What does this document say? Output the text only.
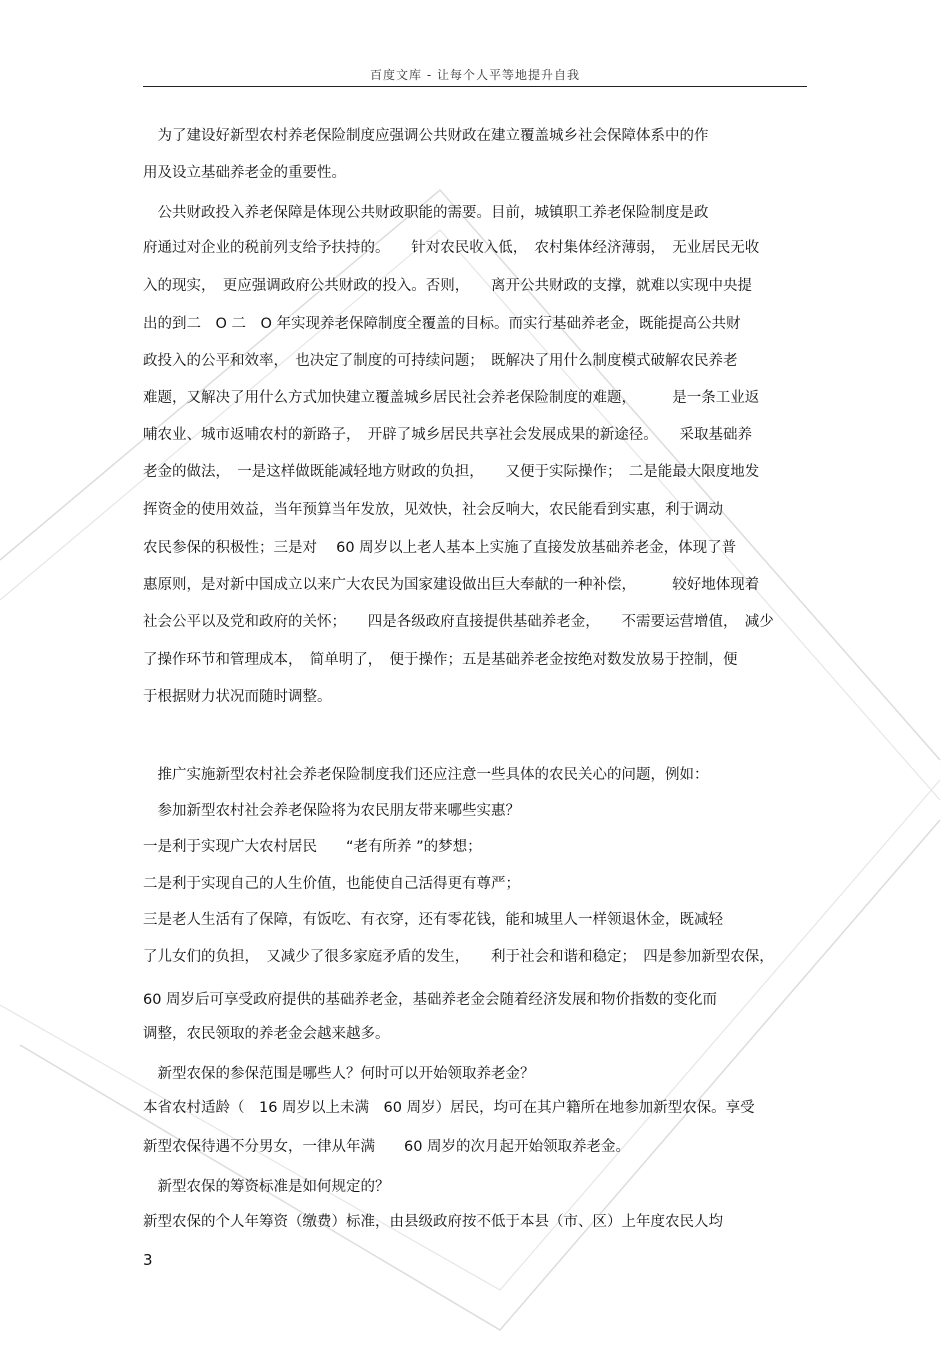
百度文库 - 让每个人平等地提升自我
　为了建设好新型农村养老保险制度应强调公共财政在建立覆盖城乡社会保障体系中的作
用及设立基础养老金的重要性。
　公共财政投入养老保障是体现公共财政职能的需要。目前，城镇职工养老保险制度是政
府通过对企业的税前列支给予扶持的。　　针对农民收入低，　农村集体经济薄弱，　无业居民无收
入的现实，　更应强调政府公共财政的投入。否则，　　离开公共财政的支撑，就难以实现中央提
出的到二　O 二　O 年实现养老保障制度全覆盖的目标。而实行基础养老金，既能提高公共财
政投入的公平和效率，　也决定了制度的可持续问题；　既解决了用什么制度模式破解农民养老
难题，又解决了用什么方式加快建立覆盖城乡居民社会养老保险制度的难题，　　　是一条工业返
哺农业、城市返哺农村的新路子，　开辟了城乡居民共享社会发展成果的新途径。　　采取基础养
老金的做法，　一是这样做既能减轻地方财政的负担，　　又便于实际操作；　二是能最大限度地发
挥资金的使用效益，当年预算当年发放，见效快，社会反响大，农民能看到实惠，利于调动
农民参保的积极性；三是对　 60 周岁以上老人基本上实施了直接发放基础养老金，体现了普
惠原则，是对新中国成立以来广大农民为国家建设做出巨大奉献的一种补偿，　　　较好地体现着
社会公平以及党和政府的关怀；　　四是各级政府直接提供基础养老金，　　不需要运营增值，　减少
了操作环节和管理成本，　简单明了，　便于操作；五是基础养老金按绝对数发放易于控制，便
于根据财力状况而随时调整。
　推广实施新型农村社会养老保险制度我们还应注意一些具体的农民关心的问题，例如：
　参加新型农村社会养老保险将为农民朋友带来哪些实惠？
一是利于实现广大农村居民　　“老有所养 ”的梦想；
二是利于实现自己的人生价值，也能使自己活得更有尊严；
三是老人生活有了保障，有饭吃、有衣穿，还有零花钱，能和城里人一样领退休金，既减轻
了儿女们的负担，　又减少了很多家庭矛盾的发生，　　利于社会和谐和稳定；　四是参加新型农保，
60 周岁后可享受政府提供的基础养老金，基础养老金会随着经济发展和物价指数的变化而
调整，农民领取的养老金会越来越多。
　新型农保的参保范围是哪些人？何时可以开始领取养老金？
本省农村适龄（　16 周岁以上未满　60 周岁）居民，均可在其户籍所在地参加新型农保。享受
新型农保待遇不分男女，一律从年满　　60 周岁的次月起开始领取养老金。
　新型农保的筹资标准是如何规定的？
新型农保的个人年筹资（缴费）标准，由县级政府按不低于本县（市、区）上年度农民人均
3
